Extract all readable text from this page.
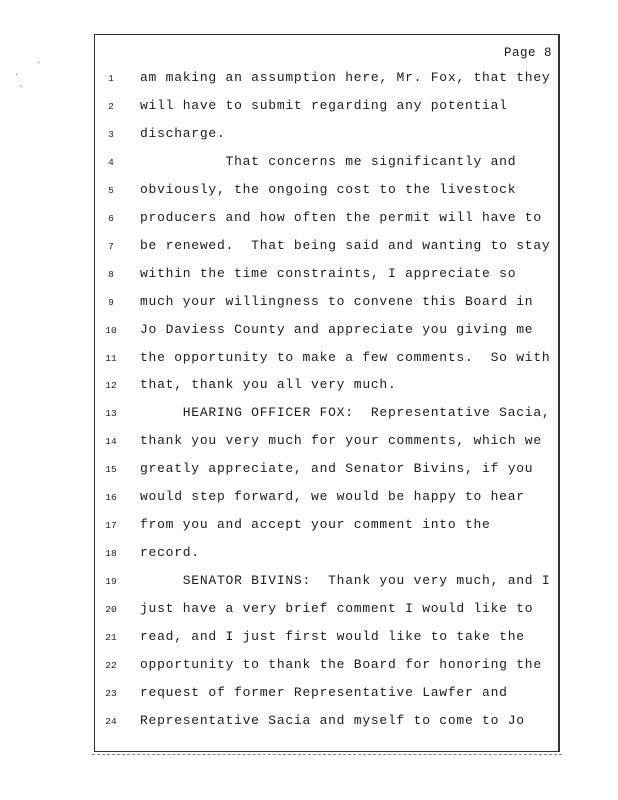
Page 8
1	am making an assumption here, Mr. Fox, that they
2	will have to submit regarding any potential
3	discharge.
4	That concerns me significantly and
5	obviously, the ongoing cost to the livestock
6	producers and how often the permit will have to
7	be renewed.  That being said and wanting to stay
8	within the time constraints, I appreciate so
9	much your willingness to convene this Board in
10	Jo Daviess County and appreciate you giving me
11	the opportunity to make a few comments.  So with
12	that, thank you all very much.
13	HEARING OFFICER FOX:  Representative Sacia,
14	thank you very much for your comments, which we
15	greatly appreciate, and Senator Bivins, if you
16	would step forward, we would be happy to hear
17	from you and accept your comment into the
18	record.
19	SENATOR BIVINS:  Thank you very much, and I
20	just have a very brief comment I would like to
21	read, and I just first would like to take the
22	opportunity to thank the Board for honoring the
23	request of former Representative Lawfer and
24	Representative Sacia and myself to come to Jo
·
·
·
